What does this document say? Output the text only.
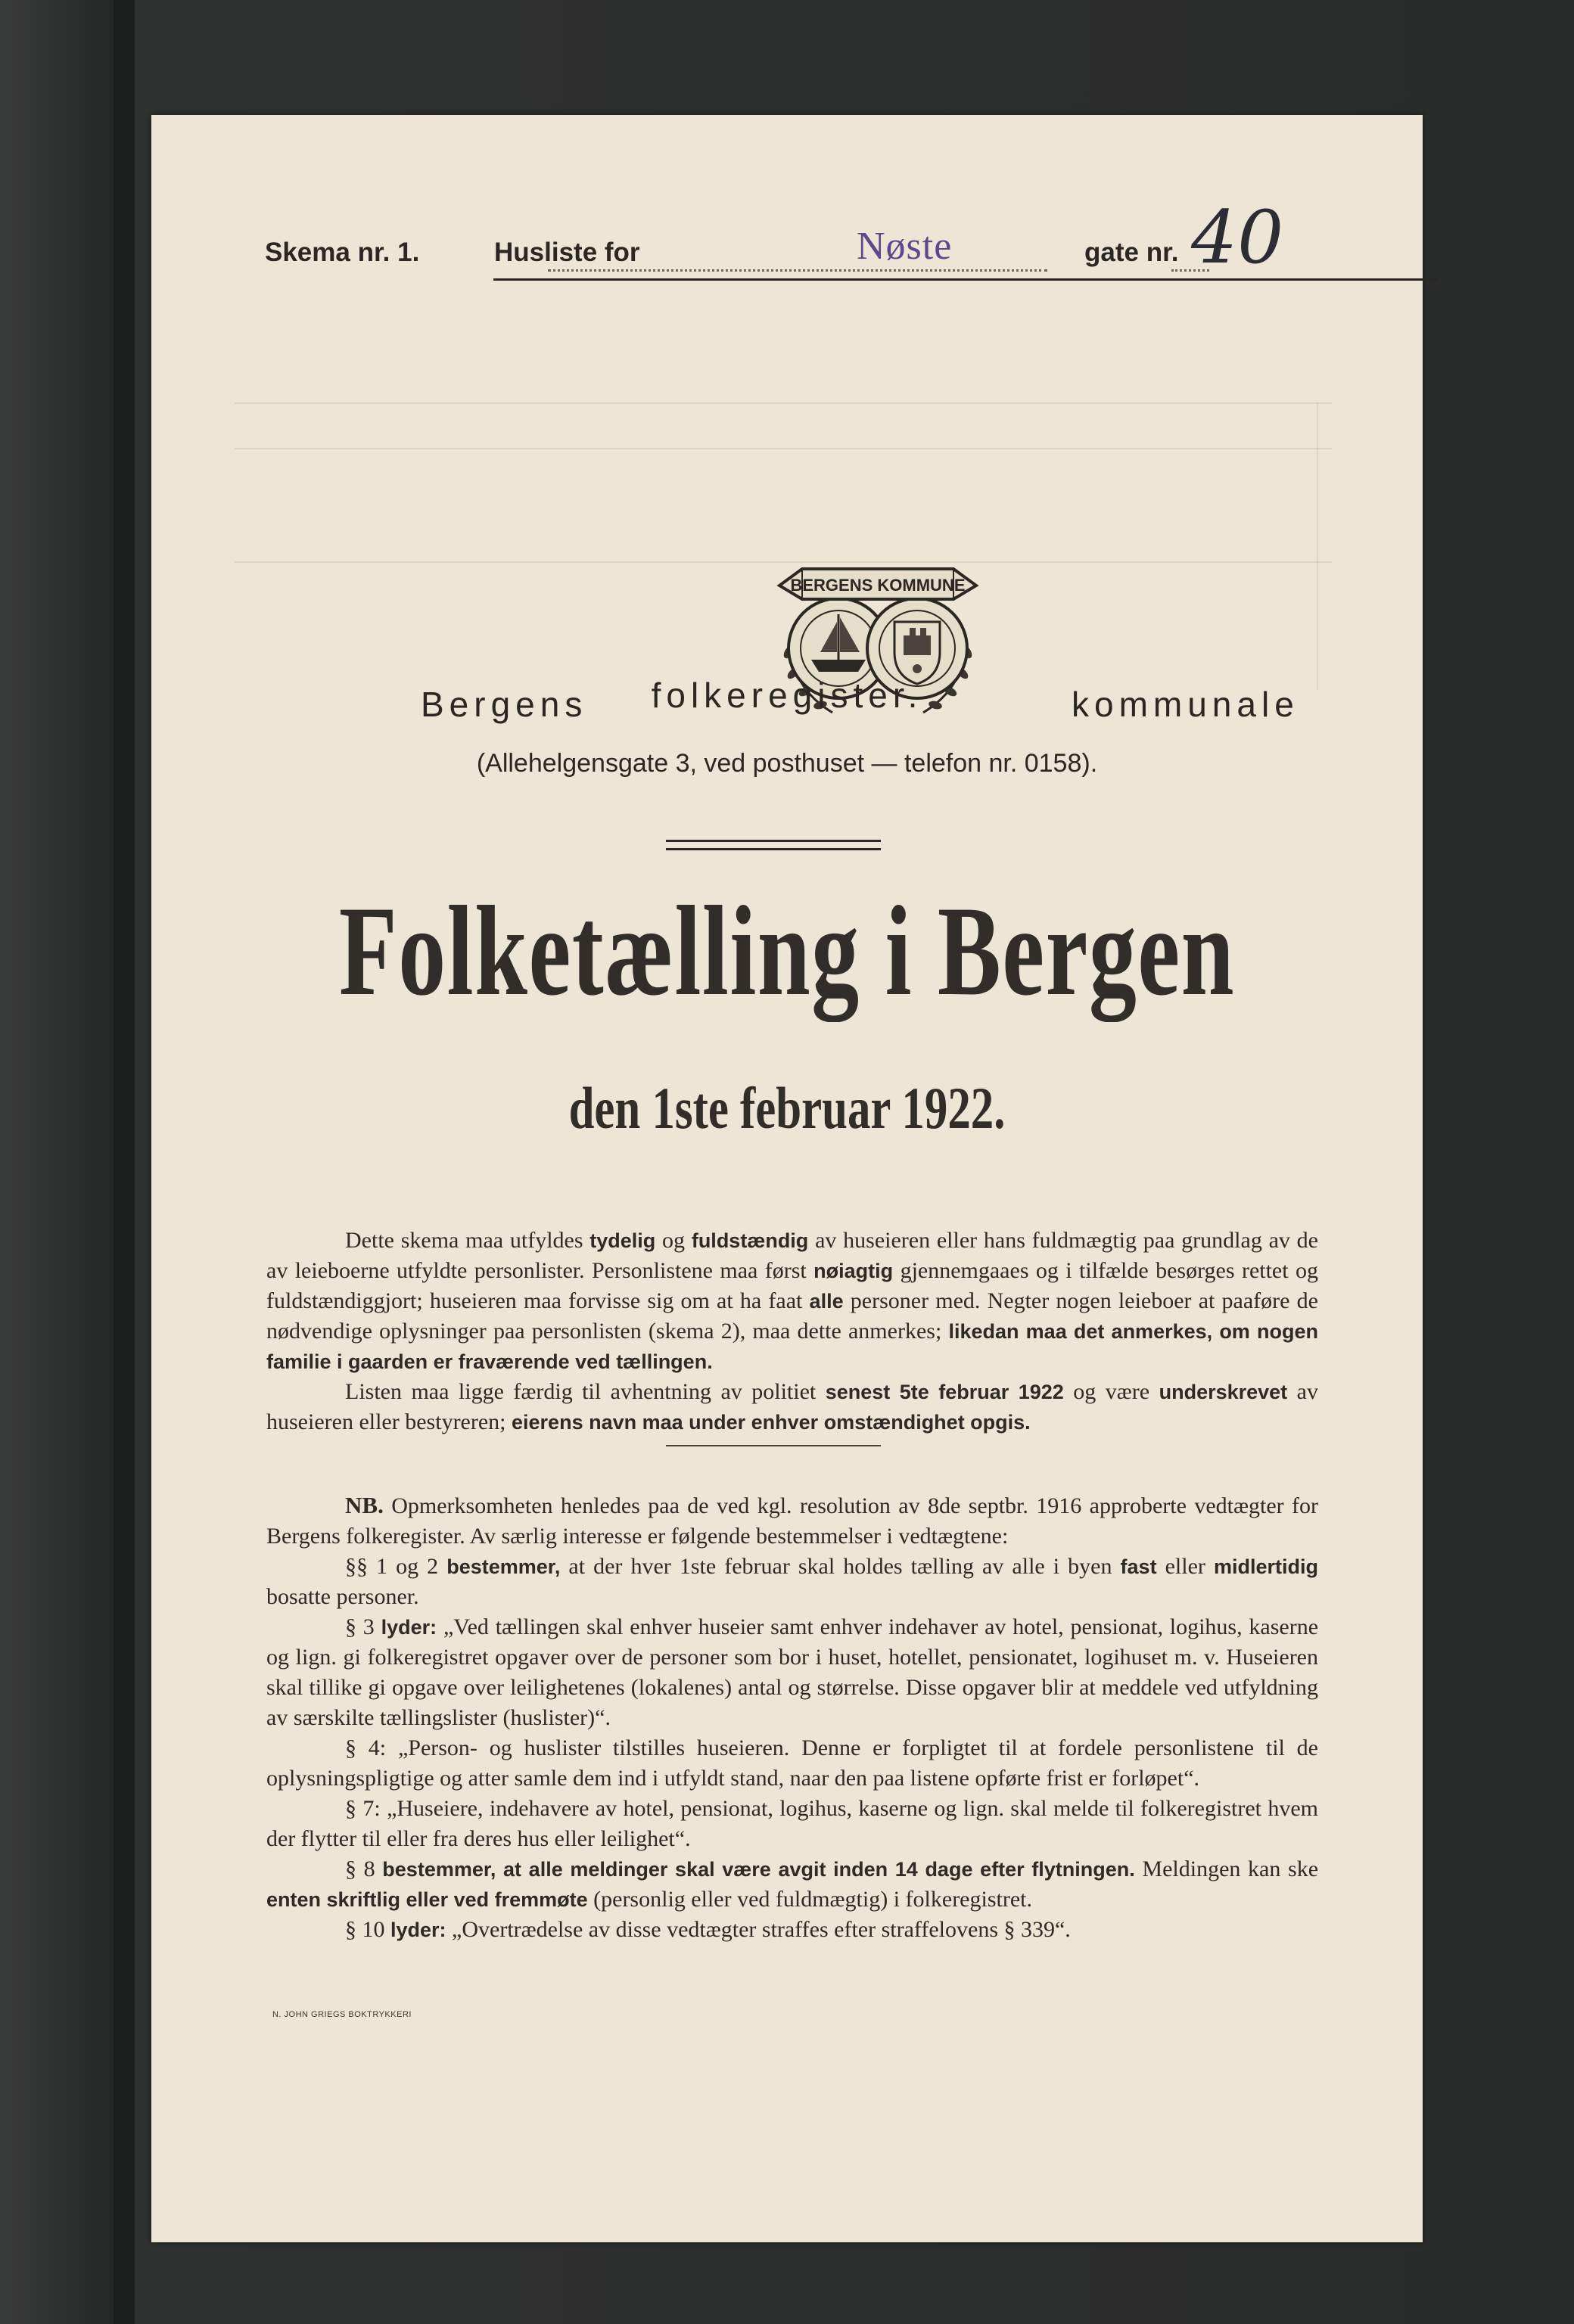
Skema nr. 1.	Husliste for	gate nr.
Nøste	40
Bergens	kommunale
BERGENS KOMMUNE
folkeregister.
(Allehelgensgate 3, ved posthuset — telefon nr. 0158).
Folketælling i Bergen
den 1ste februar 1922.

Dette skema maa utfyldes tydelig og fuldstændig av huseieren eller hans fuldmægtig paa grundlag av de av leieboerne utfyldte personlister. Personlistene maa først nøiagtig gjennemgaaes og i tilfælde besørges rettet og fuldstændiggjort; huseieren maa forvisse sig om at ha faat alle personer med. Negter nogen leieboer at paaføre de nødvendige oplysninger paa personlisten (skema 2), maa dette anmerkes; likedan maa det anmerkes, om nogen familie i gaarden er fraværende ved tællingen.

Listen maa ligge færdig til avhentning av politiet senest 5te februar 1922 og være underskrevet av huseieren eller bestyreren; eierens navn maa under enhver omstændighet opgis.

NB. Opmerksomheten henledes paa de ved kgl. resolution av 8de septbr. 1916 approberte vedtægter for Bergens folkeregister. Av særlig interesse er følgende bestemmelser i vedtægtene:

§§ 1 og 2 bestemmer, at der hver 1ste februar skal holdes tælling av alle i byen fast eller midlertidig bosatte personer.

§ 3 lyder: „Ved tællingen skal enhver huseier samt enhver indehaver av hotel, pensionat, logihus, kaserne og lign. gi folkeregistret opgaver over de personer som bor i huset, hotellet, pensionatet, logihuset m. v. Huseieren skal tillike gi opgave over leilighetenes (lokalenes) antal og størrelse. Disse opgaver blir at meddele ved utfyldning av særskilte tællingslister (huslister)“.

§ 4: „Person- og huslister tilstilles huseieren. Denne er forpligtet til at fordele personlistene til de oplysningspligtige og atter samle dem ind i utfyldt stand, naar den paa listene opførte frist er forløpet“.

§ 7: „Huseiere, indehavere av hotel, pensionat, logihus, kaserne og lign. skal melde til folkeregistret hvem der flytter til eller fra deres hus eller leilighet“.

§ 8 bestemmer, at alle meldinger skal være avgit inden 14 dage efter flytningen. Meldingen kan ske enten skriftlig eller ved fremmøte (personlig eller ved fuldmægtig) i folkeregistret.

§ 10 lyder: „Overtrædelse av disse vedtægter straffes efter straffelovens § 339“.

N. JOHN GRIEGS BOKTRYKKERI
